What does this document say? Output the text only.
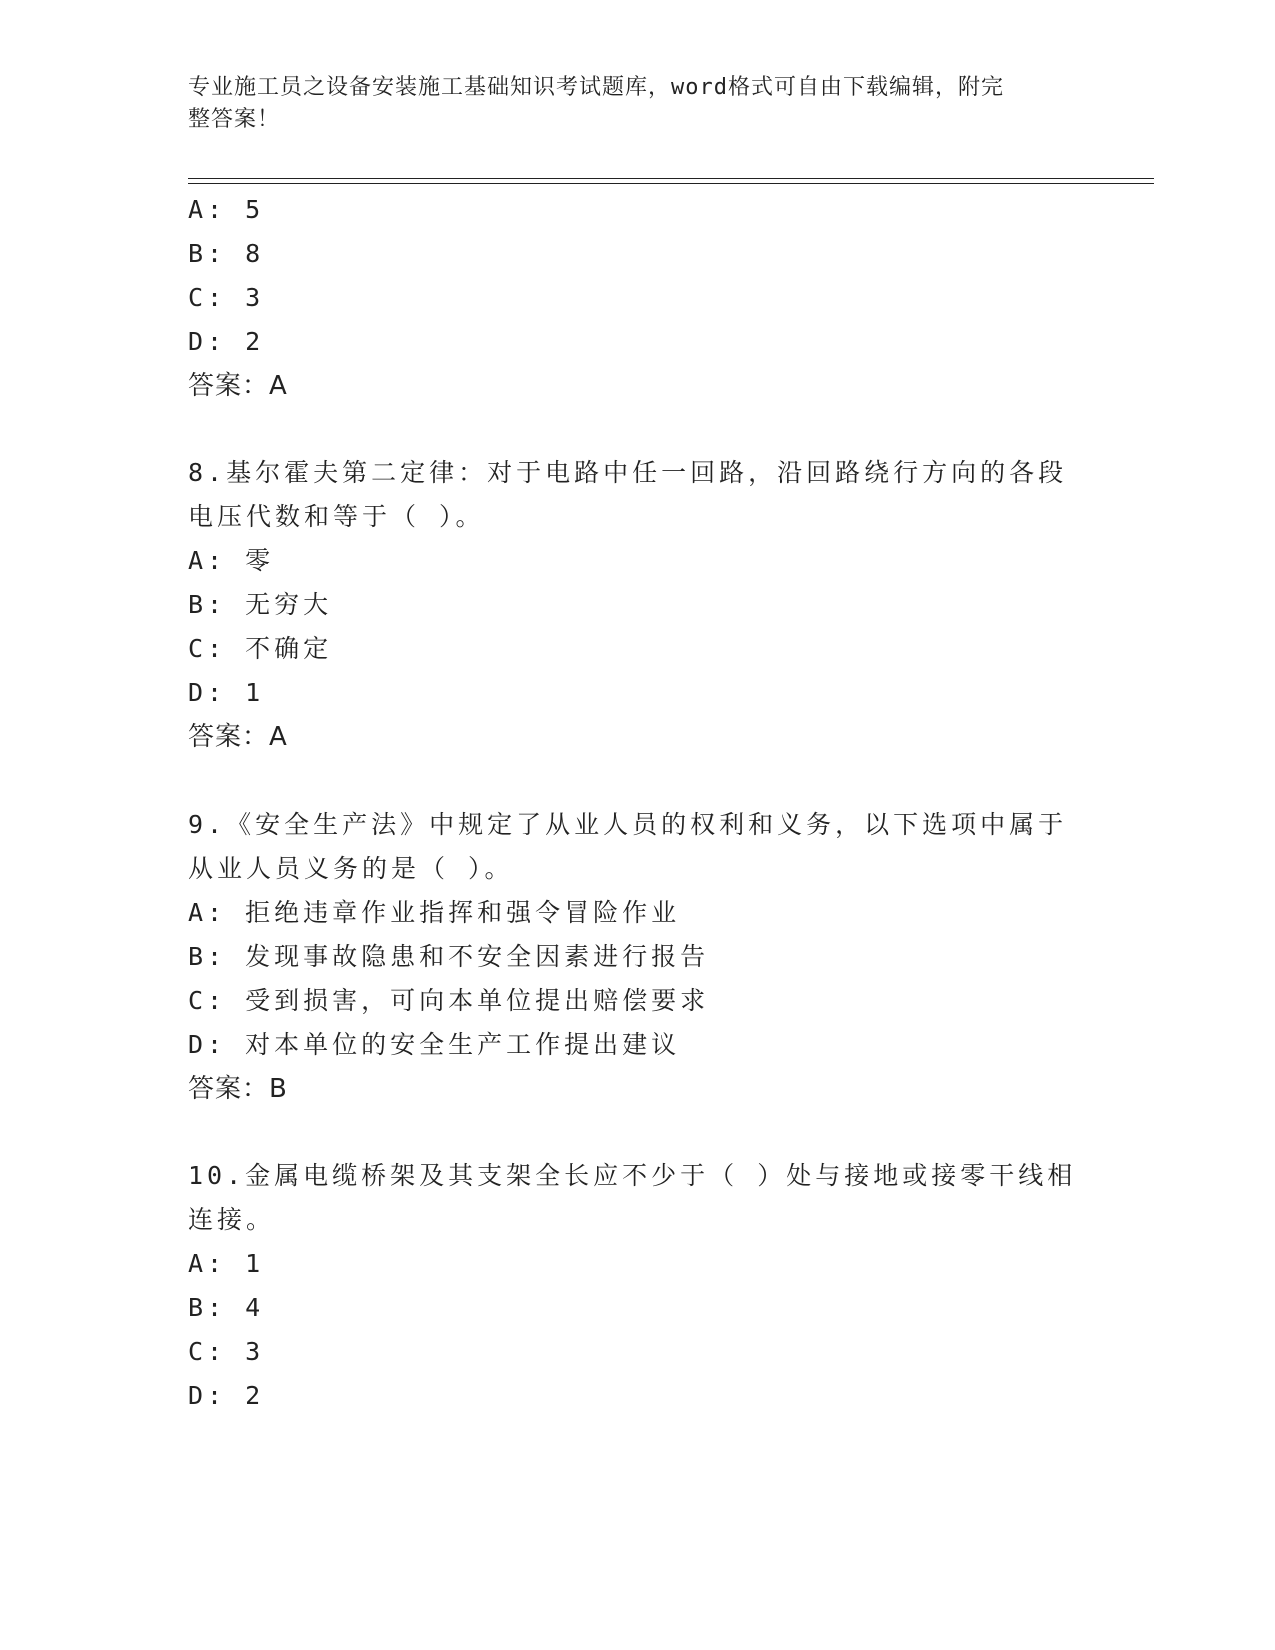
专业施工员之设备安装施工基础知识考试题库，word格式可自由下载编辑，附完
整答案！
A: 5
B: 8
C: 3
D: 2
答案：A
8.基尔霍夫第二定律：对于电路中任一回路，沿回路绕行方向的各段
电压代数和等于（ ）。
A: 零
B: 无穷大
C: 不确定
D: 1
答案：A
9.《安全生产法》中规定了从业人员的权利和义务，以下选项中属于
从业人员义务的是（ ）。
A: 拒绝违章作业指挥和强令冒险作业
B: 发现事故隐患和不安全因素进行报告
C: 受到损害，可向本单位提出赔偿要求
D: 对本单位的安全生产工作提出建议
答案：B
10.金属电缆桥架及其支架全长应不少于（ ）处与接地或接零干线相
连接。
A: 1
B: 4
C: 3
D: 2
